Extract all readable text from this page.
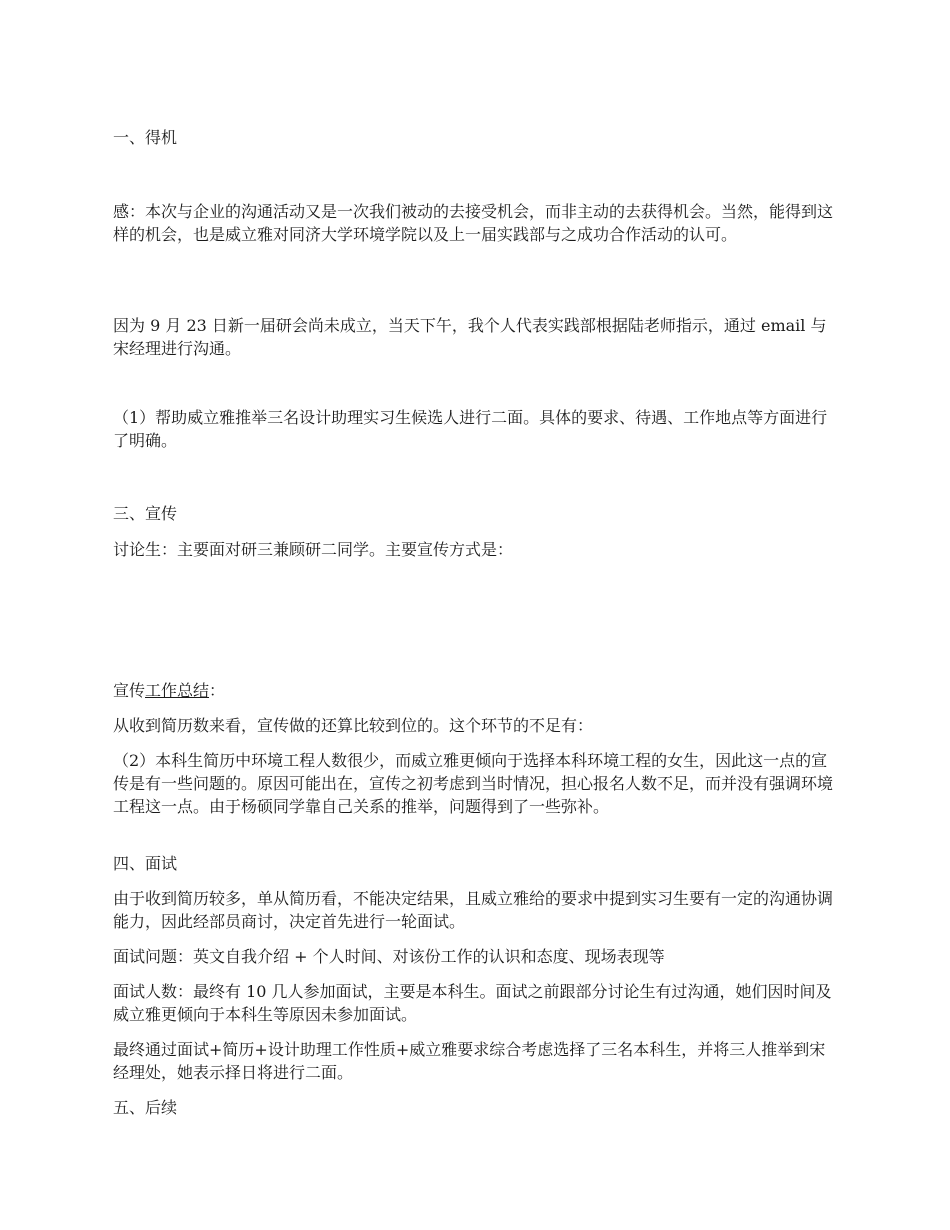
一、得机

感：本次与企业的沟通活动又是一次我们被动的去接受机会，而非主动的去获得机会。当然，能得到这样的机会，也是威立雅对同济大学环境学院以及上一届实践部与之成功合作活动的认可。

因为 9 月 23 日新一届研会尚未成立，当天下午，我个人代表实践部根据陆老师指示，通过 email 与宋经理进行沟通。

（1）帮助威立雅推举三名设计助理实习生候选人进行二面。具体的要求、待遇、工作地点等方面进行了明确。

三、宣传

讨论生：主要面对研三兼顾研二同学。主要宣传方式是：

宣传工作总结：

从收到简历数来看，宣传做的还算比较到位的。这个环节的不足有：

（2）本科生简历中环境工程人数很少，而威立雅更倾向于选择本科环境工程的女生，因此这一点的宣传是有一些问题的。原因可能出在，宣传之初考虑到当时情况，担心报名人数不足，而并没有强调环境工程这一点。由于杨硕同学靠自己关系的推举，问题得到了一些弥补。

四、面试

由于收到简历较多，单从简历看，不能决定结果，且威立雅给的要求中提到实习生要有一定的沟通协调能力，因此经部员商讨，决定首先进行一轮面试。

面试问题：英文自我介绍 + 个人时间、对该份工作的认识和态度、现场表现等

面试人数：最终有 10 几人参加面试，主要是本科生。面试之前跟部分讨论生有过沟通，她们因时间及威立雅更倾向于本科生等原因未参加面试。

最终通过面试+简历+设计助理工作性质+威立雅要求综合考虑选择了三名本科生，并将三人推举到宋经理处，她表示择日将进行二面。

五、后续
